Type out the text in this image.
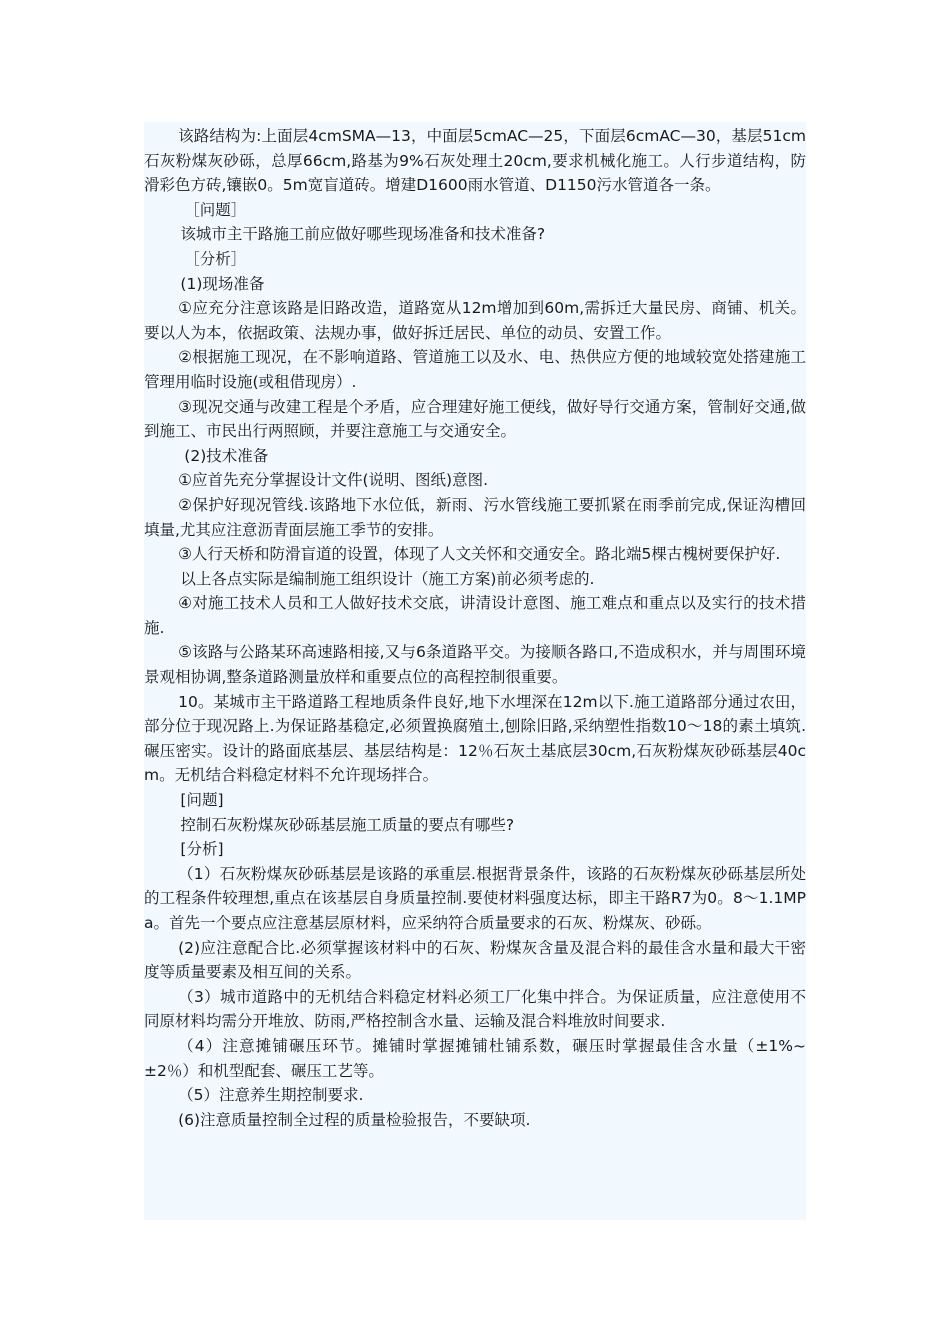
该路结构为:上面层4cmSMA—13，中面层5cmAC—25，下面层6cmAC—30，基层51cm石灰粉煤灰砂砾，总厚66cm,路基为9%石灰处理土20cm,要求机械化施工。人行步道结构，防滑彩色方砖,镶嵌0。5m宽盲道砖。增建D1600雨水管道、D1150污水管道各一条。

［问题］

该城市主干路施工前应做好哪些现场准备和技术准备?

［分析］

(1)现场准备

①应充分注意该路是旧路改造，道路宽从12m增加到60m,需拆迁大量民房、商铺、机关。要以人为本，依据政策、法规办事，做好拆迁居民、单位的动员、安置工作。

②根据施工现况，在不影响道路、管道施工以及水、电、热供应方便的地域较宽处搭建施工管理用临时设施(或租借现房）.

③现况交通与改建工程是个矛盾，应合理建好施工便线，做好导行交通方案，管制好交通,做到施工、市民出行两照顾，并要注意施工与交通安全。

(2)技术准备

①应首先充分掌握设计文件(说明、图纸)意图.

②保护好现况管线.该路地下水位低，新雨、污水管线施工要抓紧在雨季前完成,保证沟槽回填量,尤其应注意沥青面层施工季节的安排。

③人行天桥和防滑盲道的设置，体现了人文关怀和交通安全。路北端5棵古槐树要保护好.

以上各点实际是编制施工组织设计（施工方案)前必须考虑的.

④对施工技术人员和工人做好技术交底，讲清设计意图、施工难点和重点以及实行的技术措施.

⑤该路与公路某环高速路相接,又与6条道路平交。为接顺各路口,不造成积水，并与周围环境景观相协调,整条道路测量放样和重要点位的高程控制很重要。

10。某城市主干路道路工程地质条件良好,地下水埋深在12m以下.施工道路部分通过农田，部分位于现况路上.为保证路基稳定,必须置换腐殖土,刨除旧路,采纳塑性指数10～18的素土填筑.碾压密实。设计的路面底基层、基层结构是：12％石灰土基底层30cm,石灰粉煤灰砂砾基层40cm。无机结合料稳定材料不允许现场拌合。

[问题]

控制石灰粉煤灰砂砾基层施工质量的要点有哪些?

[分析]

（1）石灰粉煤灰砂砾基层是该路的承重层.根据背景条件，该路的石灰粉煤灰砂砾基层所处的工程条件较理想,重点在该基层自身质量控制.要使材料强度达标，即主干路R7为0。8～1.1MPa。首先一个要点应注意基层原材料，应采纳符合质量要求的石灰、粉煤灰、砂砾。

(2)应注意配合比.必须掌握该材料中的石灰、粉煤灰含量及混合料的最佳含水量和最大干密度等质量要素及相互间的关系。

（3）城市道路中的无机结合料稳定材料必须工厂化集中拌合。为保证质量，应注意使用不同原材料均需分开堆放、防雨,严格控制含水量、运输及混合料堆放时间要求.

（4）注意摊铺碾压环节。摊铺时掌握摊铺杜铺系数，碾压时掌握最佳含水量（±1%~±2％）和机型配套、碾压工艺等。

（5）注意养生期控制要求.

(6)注意质量控制全过程的质量检验报告，不要缺项.
